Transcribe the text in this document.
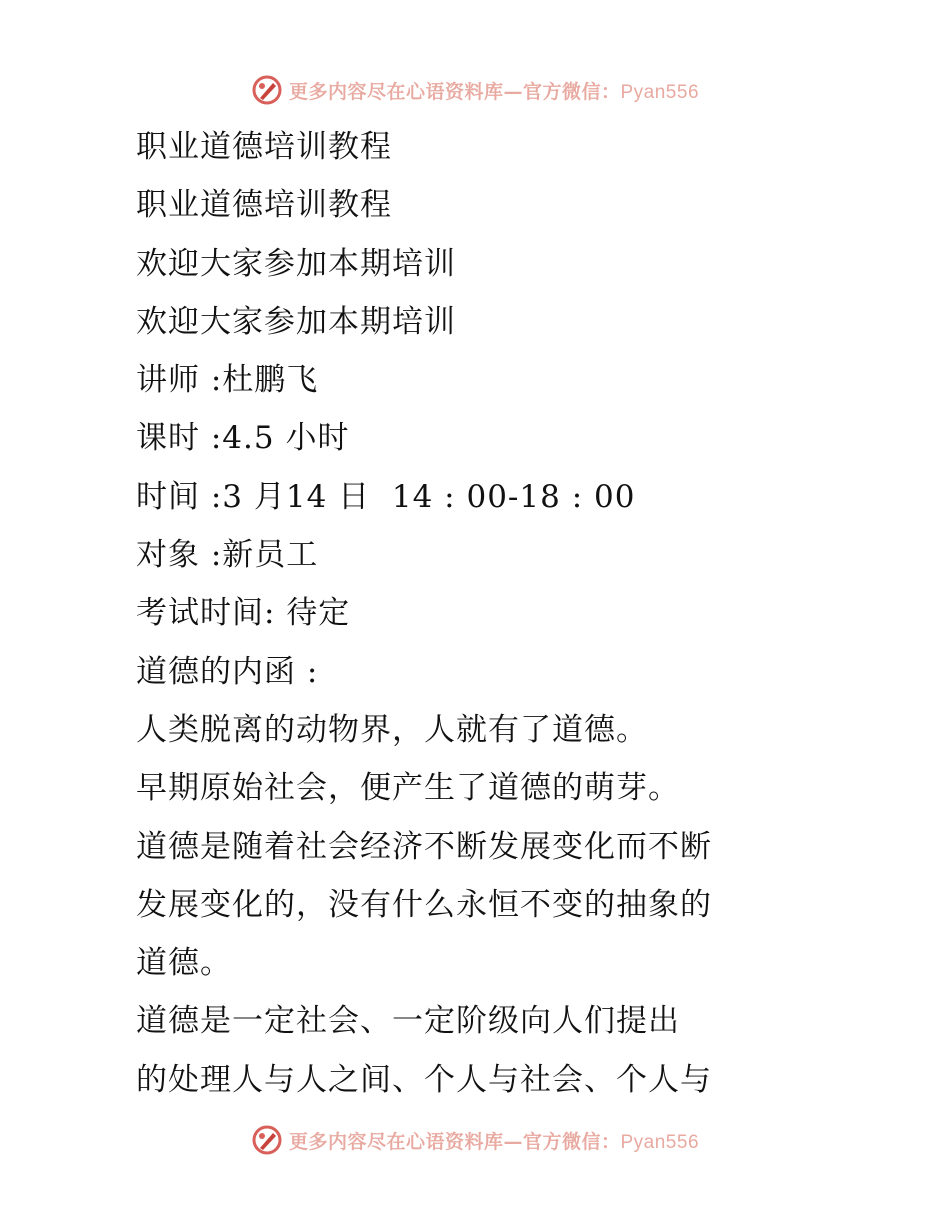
更多内容尽在心语资料库—官方微信：Pyan556
职业道德培训教程
职业道德培训教程
欢迎大家参加本期培训
欢迎大家参加本期培训
讲师 :杜鹏飞
课时 :4.5 小时
时间 :3 月14 日  14 : 00-18 : 00
对象 :新员工
考试时间: 待定
道德的内函 :
人类脱离的动物界，人就有了道德。
早期原始社会，便产生了道德的萌芽。
道德是随着社会经济不断发展变化而不断
发展变化的，没有什么永恒不变的抽象的
道德。
道德是一定社会、一定阶级向人们提出
的处理人与人之间、个人与社会、个人与
更多内容尽在心语资料库—官方微信：Pyan556
